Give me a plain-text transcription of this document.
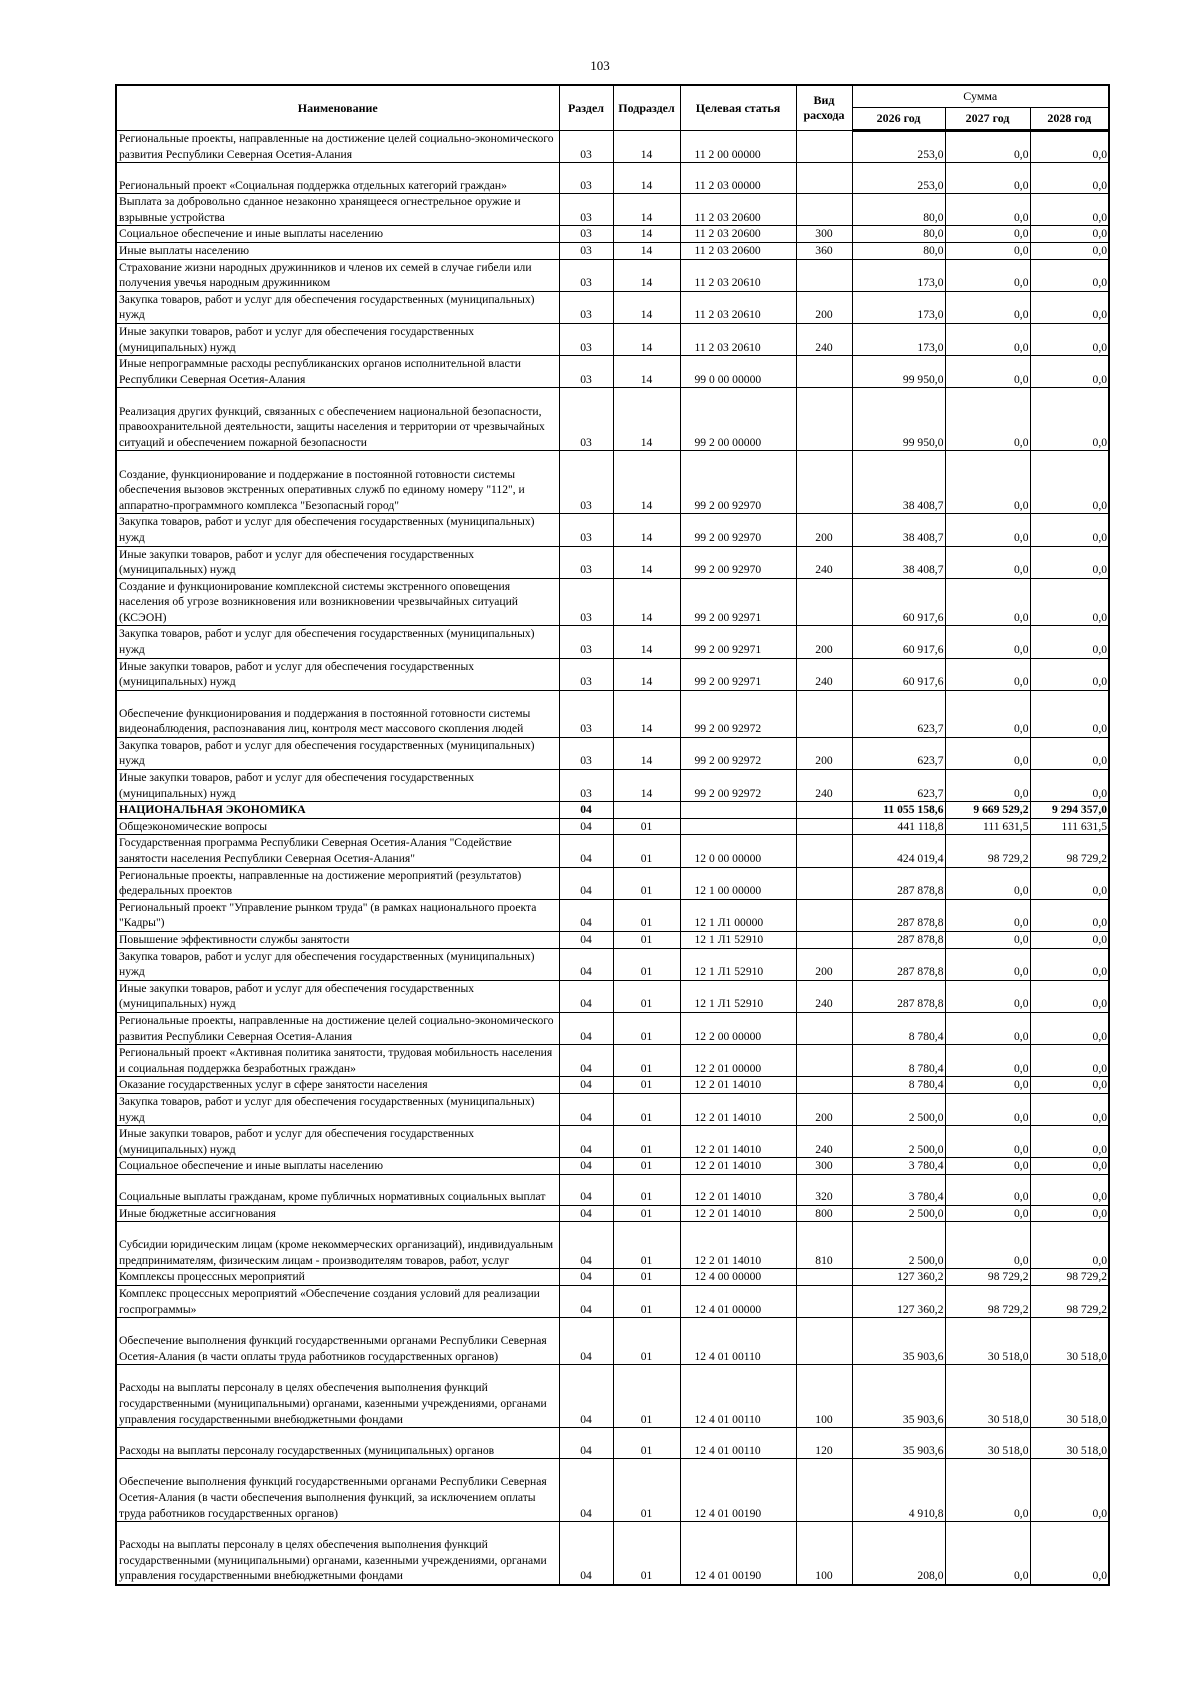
103
Наименование	Раздел	Подраздел	Целевая статья	Вид расхода	Сумма		
					2026 год	2027 год	2028 год
Региональные проекты, направленные на достижение целей социально-экономического развития Республики Северная Осетия-Алания	03	14	11 2 00 00000		253,0	0,0	0,0
Региональный проект «Социальная поддержка отдельных категорий граждан»	03	14	11 2 03 00000		253,0	0,0	0,0
Выплата за добровольно сданное незаконно хранящееся огнестрельное оружие и взрывные устройства	03	14	11 2 03 20600		80,0	0,0	0,0
Социальное обеспечение и иные выплаты населению	03	14	11 2 03 20600	300	80,0	0,0	0,0
Иные выплаты населению	03	14	11 2 03 20600	360	80,0	0,0	0,0
Страхование жизни народных дружинников и членов их семей в случае гибели или получения увечья народным дружинником	03	14	11 2 03 20610		173,0	0,0	0,0
Закупка товаров, работ и услуг для обеспечения государственных (муниципальных) нужд	03	14	11 2 03 20610	200	173,0	0,0	0,0
Иные закупки товаров, работ и услуг для обеспечения государственных (муниципальных) нужд	03	14	11 2 03 20610	240	173,0	0,0	0,0
Иные непрограммные расходы республиканских органов исполнительной власти Республики Северная Осетия-Алания	03	14	99 0 00 00000		99 950,0	0,0	0,0
Реализация других функций, связанных с обеспечением национальной безопасности, правоохранительной деятельности, защиты населения и территории от чрезвычайных ситуаций и обеспечением пожарной безопасности	03	14	99 2 00 00000		99 950,0	0,0	0,0
Создание, функционирование и поддержание в постоянной готовности системы обеспечения вызовов экстренных оперативных служб по единому номеру "112", и аппаратно-программного комплекса "Безопасный город"	03	14	99 2 00 92970		38 408,7	0,0	0,0
Закупка товаров, работ и услуг для обеспечения государственных (муниципальных) нужд	03	14	99 2 00 92970	200	38 408,7	0,0	0,0
Иные закупки товаров, работ и услуг для обеспечения государственных (муниципальных) нужд	03	14	99 2 00 92970	240	38 408,7	0,0	0,0
Создание и функционирование комплексной системы экстренного оповещения населения об угрозе возникновения или возникновении чрезвычайных ситуаций (КСЭОН)	03	14	99 2 00 92971		60 917,6	0,0	0,0
Закупка товаров, работ и услуг для обеспечения государственных (муниципальных) нужд	03	14	99 2 00 92971	200	60 917,6	0,0	0,0
Иные закупки товаров, работ и услуг для обеспечения государственных (муниципальных) нужд	03	14	99 2 00 92971	240	60 917,6	0,0	0,0
Обеспечение функционирования и поддержания в постоянной готовности системы видеонаблюдения, распознавания лиц, контроля мест массового скопления людей	03	14	99 2 00 92972		623,7	0,0	0,0
Закупка товаров, работ и услуг для обеспечения государственных (муниципальных) нужд	03	14	99 2 00 92972	200	623,7	0,0	0,0
Иные закупки товаров, работ и услуг для обеспечения государственных (муниципальных) нужд	03	14	99 2 00 92972	240	623,7	0,0	0,0
НАЦИОНАЛЬНАЯ ЭКОНОМИКА	04				11 055 158,6	9 669 529,2	9 294 357,0
Общеэкономические вопросы	04	01			441 118,8	111 631,5	111 631,5
Государственная программа Республики Северная Осетия-Алания "Содействие занятости населения Республики Северная Осетия-Алания"	04	01	12 0 00 00000		424 019,4	98 729,2	98 729,2
Региональные проекты, направленные на достижение мероприятий (результатов) федеральных проектов	04	01	12 1 00 00000		287 878,8	0,0	0,0
Региональный проект "Управление рынком труда" (в рамках национального проекта "Кадры")	04	01	12 1 Л1 00000		287 878,8	0,0	0,0
Повышение эффективности службы занятости	04	01	12 1 Л1 52910		287 878,8	0,0	0,0
Закупка товаров, работ и услуг для обеспечения государственных (муниципальных) нужд	04	01	12 1 Л1 52910	200	287 878,8	0,0	0,0
Иные закупки товаров, работ и услуг для обеспечения государственных (муниципальных) нужд	04	01	12 1 Л1 52910	240	287 878,8	0,0	0,0
Региональные проекты, направленные на достижение целей социально-экономического развития Республики Северная Осетия-Алания	04	01	12 2 00 00000		8 780,4	0,0	0,0
Региональный проект «Активная политика занятости, трудовая мобильность населения и социальная поддержка безработных граждан»	04	01	12 2 01 00000		8 780,4	0,0	0,0
Оказание государственных услуг в сфере занятости населения	04	01	12 2 01 14010		8 780,4	0,0	0,0
Закупка товаров, работ и услуг для обеспечения государственных (муниципальных) нужд	04	01	12 2 01 14010	200	2 500,0	0,0	0,0
Иные закупки товаров, работ и услуг для обеспечения государственных (муниципальных) нужд	04	01	12 2 01 14010	240	2 500,0	0,0	0,0
Социальное обеспечение и иные выплаты населению	04	01	12 2 01 14010	300	3 780,4	0,0	0,0
Социальные выплаты гражданам, кроме публичных нормативных социальных выплат	04	01	12 2 01 14010	320	3 780,4	0,0	0,0
Иные бюджетные ассигнования	04	01	12 2 01 14010	800	2 500,0	0,0	0,0
Субсидии юридическим лицам (кроме некоммерческих организаций), индивидуальным предпринимателям, физическим лицам - производителям товаров, работ, услуг	04	01	12 2 01 14010	810	2 500,0	0,0	0,0
Комплексы процессных мероприятий	04	01	12 4 00 00000		127 360,2	98 729,2	98 729,2
Комплекс процессных мероприятий «Обеспечение создания условий для реализации госпрограммы»	04	01	12 4 01 00000		127 360,2	98 729,2	98 729,2
Обеспечение выполнения функций государственными органами Республики Северная Осетия-Алания (в части оплаты труда работников государственных органов)	04	01	12 4 01 00110		35 903,6	30 518,0	30 518,0
Расходы на выплаты персоналу в целях обеспечения выполнения функций государственными (муниципальными) органами, казенными учреждениями, органами управления государственными внебюджетными фондами	04	01	12 4 01 00110	100	35 903,6	30 518,0	30 518,0
Расходы на выплаты персоналу государственных (муниципальных) органов	04	01	12 4 01 00110	120	35 903,6	30 518,0	30 518,0
Обеспечение выполнения функций государственными органами Республики Северная Осетия-Алания (в части обеспечения выполнения функций, за исключением оплаты труда работников государственных органов)	04	01	12 4 01 00190		4 910,8	0,0	0,0
Расходы на выплаты персоналу в целях обеспечения выполнения функций государственными (муниципальными) органами, казенными учреждениями, органами управления государственными внебюджетными фондами	04	01	12 4 01 00190	100	208,0	0,0	0,0
